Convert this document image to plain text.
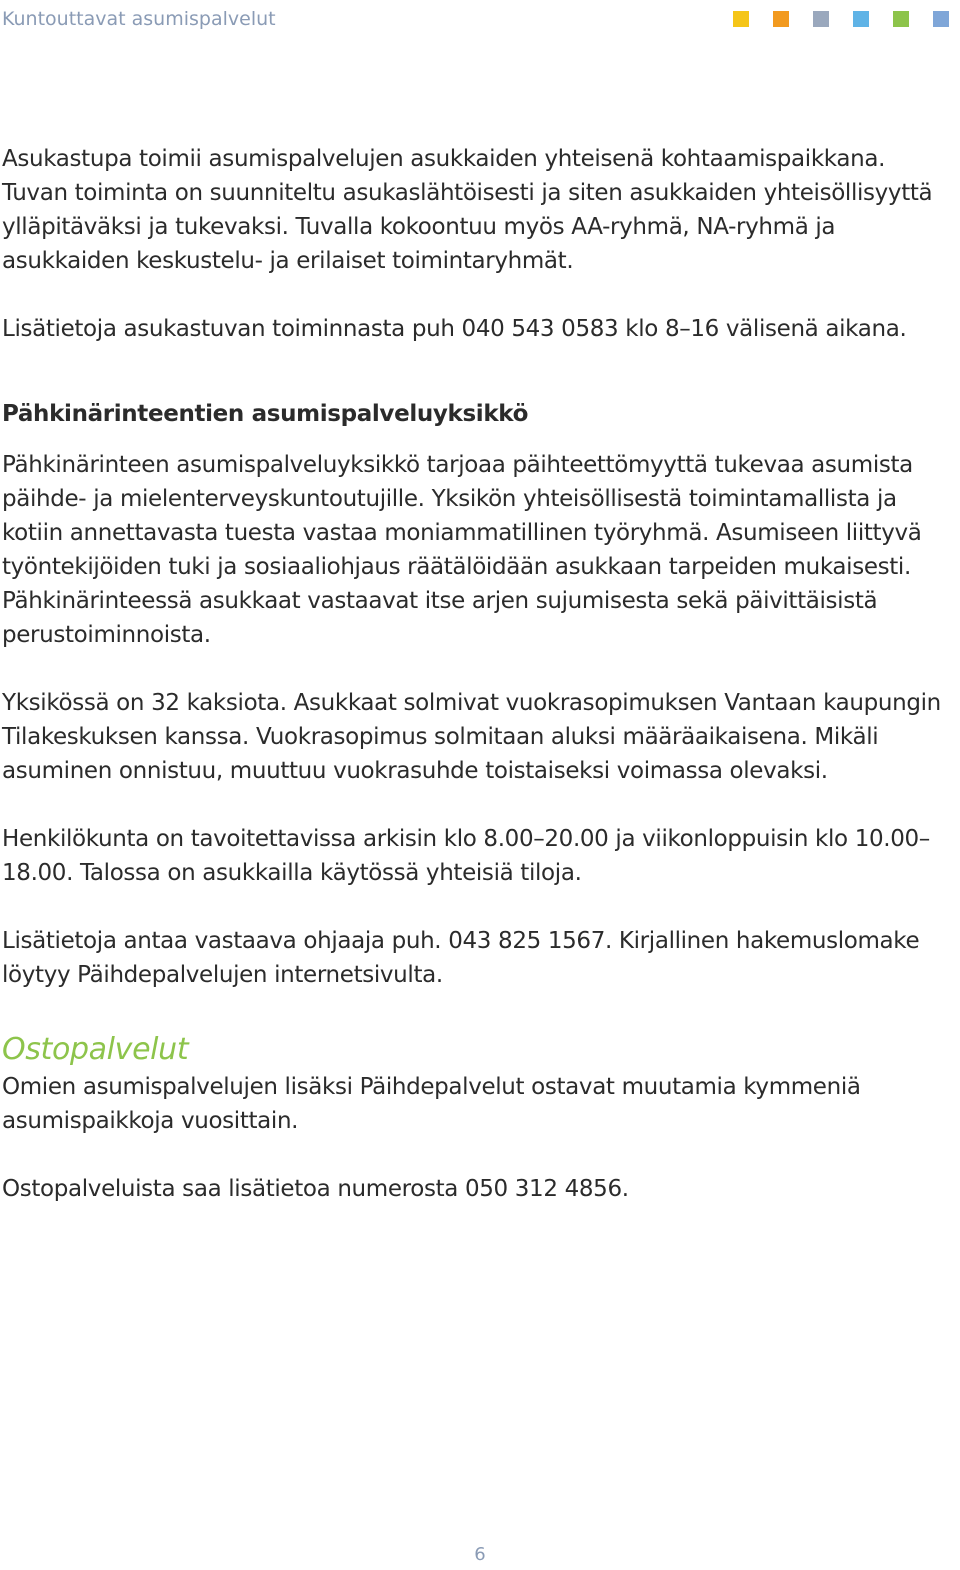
Kuntouttavat asumispalvelut

Asukastupa toimii asumispalvelujen asukkaiden yhteisenä kohtaamispaikkana. Tuvan toiminta on suunniteltu asukaslähtöisesti ja siten asukkaiden yhteisöllisyyttä ylläpitäväksi ja tukevaksi. Tuvalla kokoontuu myös AA-ryhmä, NA-ryhmä ja asukkaiden keskustelu- ja erilaiset toimintaryhmät.

Lisätietoja asukastuvan toiminnasta puh 040 543 0583 klo 8–16 välisenä aikana.

Pähkinärinteentien asumispalveluyksikkö

Pähkinärinteen asumispalveluyksikkö tarjoaa päihteettömyyttä tukevaa asumista päihde- ja mielenterveyskuntoutujille. Yksikön yhteisöllisestä toimintamallista ja kotiin annettavasta tuesta vastaa moniammatillinen työryhmä. Asumiseen liittyvä työntekijöiden tuki ja sosiaaliohjaus räätälöidään asukkaan tarpeiden mukaisesti. Pähkinärinteessä asukkaat vastaavat itse arjen sujumisesta sekä päivittäisistä perustoiminnoista.

Yksikössä on 32 kaksiota. Asukkaat solmivat vuokrasopimuksen Vantaan kaupungin Tilakeskuksen kanssa. Vuokrasopimus solmitaan aluksi määräaikaisena. Mikäli asuminen onnistuu, muuttuu vuokrasuhde toistaiseksi voimassa olevaksi.

Henkilökunta on tavoitettavissa arkisin klo 8.00–20.00 ja viikonloppuisin klo 10.00–18.00. Talossa on asukkailla käytössä yhteisiä tiloja.

Lisätietoja antaa vastaava ohjaaja puh. 043 825 1567. Kirjallinen hakemuslomake löytyy Päihdepalvelujen internetsivulta.

Ostopalvelut

Omien asumispalvelujen lisäksi Päihdepalvelut ostavat muutamia kymmeniä asumispaikkoja vuosittain.

Ostopalveluista saa lisätietoa numerosta 050 312 4856.

6
